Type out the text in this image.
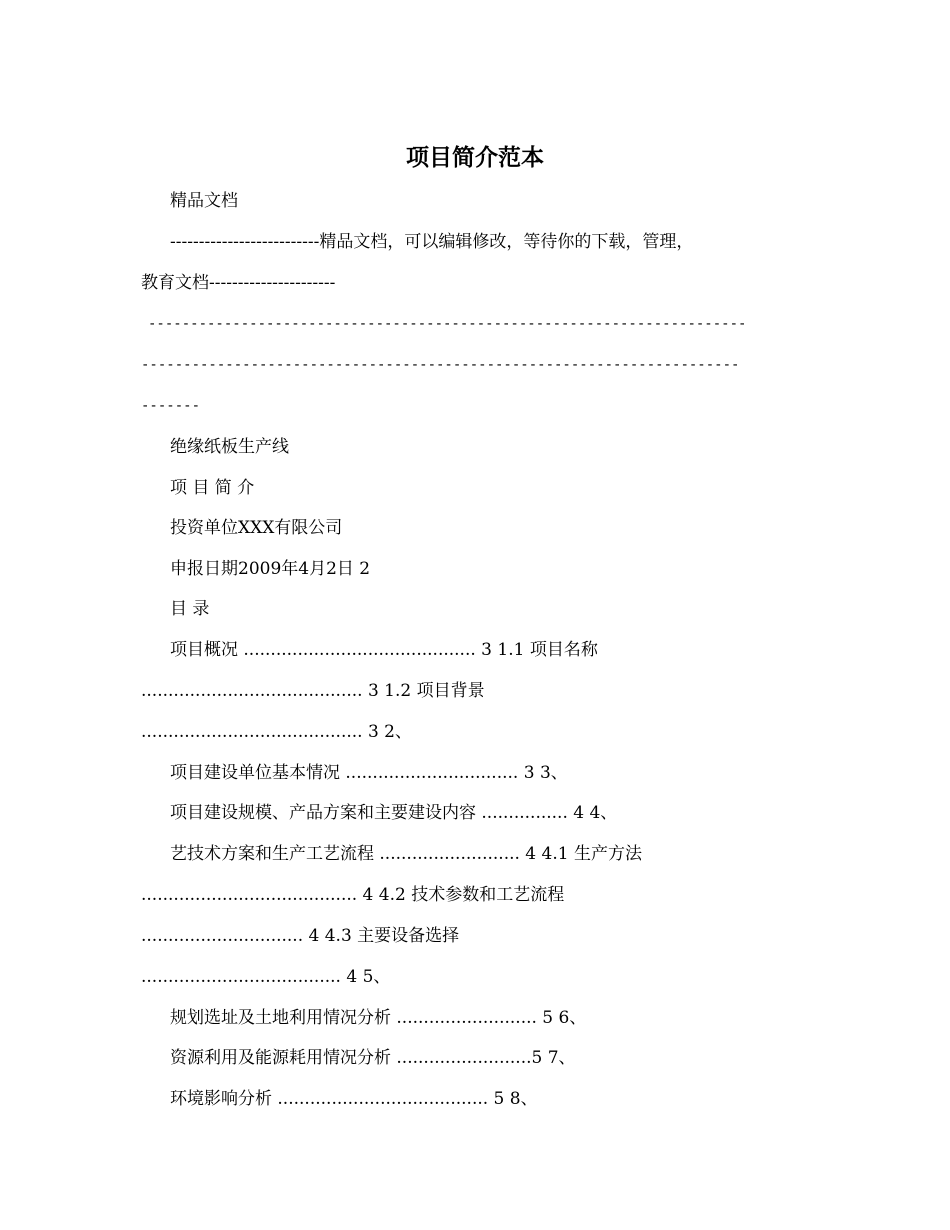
项目简介范本

精品文档

--------------------------精品文档，可以编辑修改，等待你的下载，管理，

教育文档----------------------

-----------------------------------------------------------------------

-----------------------------------------------------------------------

-------

绝缘纸板生产线

项 目 简 介

投资单位XXX有限公司

申报日期2009年4月2日 2

目 录

项目概况 ........................................... 3 1.1 项目名称

......................................... 3 1.2 项目背景

......................................... 3 2、

项目建设单位基本情况 ................................ 3 3、

项目建设规模、产品方案和主要建设内容 ................ 4 4、

艺技术方案和生产工艺流程 .......................... 4 4.1 生产方法

........................................ 4 4.2 技术参数和工艺流程

.............................. 4 4.3 主要设备选择

..................................... 4 5、

规划选址及土地利用情况分析 .......................... 5 6、

资源利用及能源耗用情况分析 .........................5 7、

环境影响分析 ....................................... 5 8、
